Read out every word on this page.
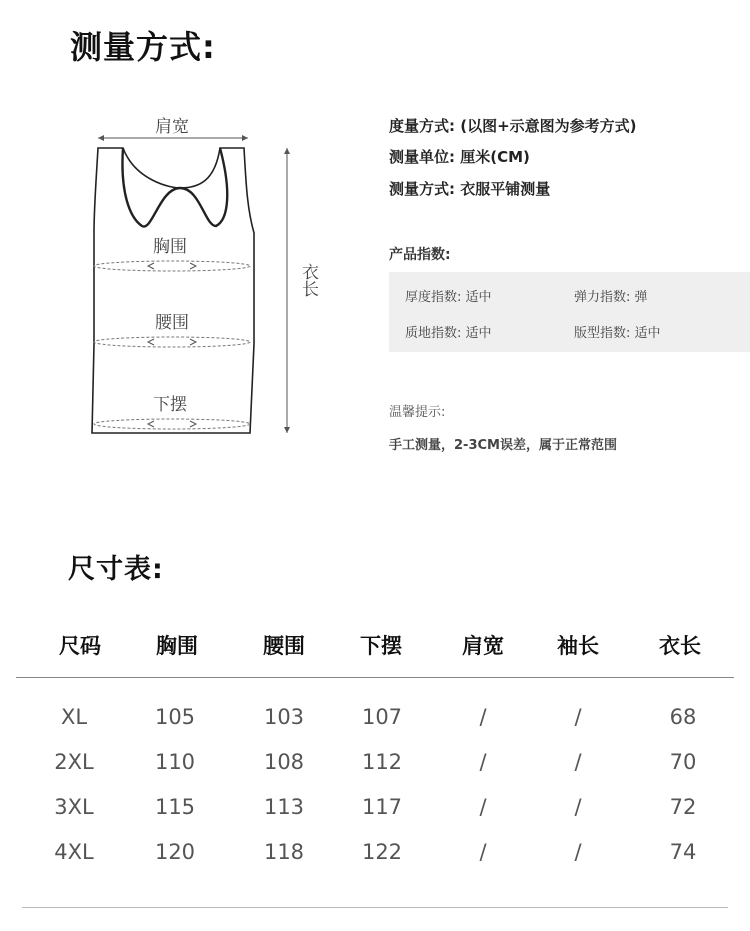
测量方式:
肩宽
衣长
胸围
腰围
下摆
度量方式: (以图+示意图为参考方式)
测量单位: 厘米(CM)
测量方式: 衣服平铺测量
产品指数:
厚度指数: 适中	弹力指数: 弹
质地指数: 适中	版型指数: 适中
温馨提示:
手工测量，2-3CM误差，属于正常范围
尺寸表:
尺码	胸围	腰围	下摆	肩宽	袖长	衣长
XL	105	103	107	/	/	68
2XL	110	108	112	/	/	70
3XL	115	113	117	/	/	72
4XL	120	118	122	/	/	74
